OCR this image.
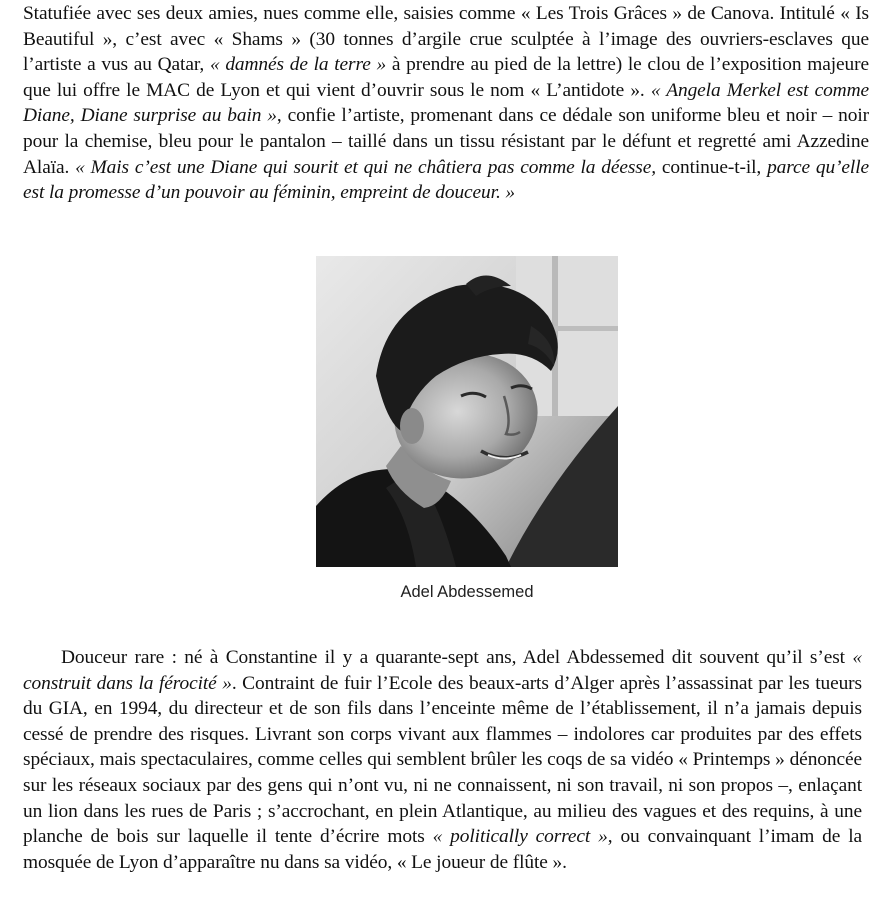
Statufiée avec ses deux amies, nues comme elle, saisies comme « Les Trois Grâces » de Canova. Intitulé « Is Beautiful », c’est avec « Shams » (30 tonnes d’argile crue sculptée à l’image des ouvriers-esclaves que l’artiste a vus au Qatar, « damnés de la terre » à prendre au pied de la lettre) le clou de l’exposition majeure que lui offre le MAC de Lyon et qui vient d’ouvrir sous le nom « L’antidote ». « Angela Merkel est comme Diane, Diane surprise au bain », confie l’artiste, promenant dans ce dédale son uniforme bleu et noir – noir pour la chemise, bleu pour le pantalon – taillé dans un tissu résistant par le défunt et regretté ami Azzedine Alaïa. « Mais c’est une Diane qui sourit et qui ne châtiera pas comme la déesse, continue-t-il, parce qu’elle est la promesse d’un pouvoir au féminin, empreint de douceur. »

Adel Abdessemed

Douceur rare : né à Constantine il y a quarante-sept ans, Adel Abdessemed dit souvent qu’il s’est « construit dans la férocité ». Contraint de fuir l’Ecole des beaux-arts d’Alger après l’assassinat par les tueurs du GIA, en 1994, du directeur et de son fils dans l’enceinte même de l’établissement, il n’a jamais depuis cessé de prendre des risques. Livrant son corps vivant aux flammes – indolores car produites par des effets spéciaux, mais spectaculaires, comme celles qui semblent brûler les coqs de sa vidéo « Printemps » dénoncée sur les réseaux sociaux par des gens qui n’ont vu, ni ne connaissent, ni son travail, ni son propos –, enlaçant un lion dans les rues de Paris ; s’accrochant, en plein Atlantique, au milieu des vagues et des requins, à une planche de bois sur laquelle il tente d’écrire mots « politically correct », ou convainquant l’imam de la mosquée de Lyon d’apparaître nu dans sa vidéo, « Le joueur de flûte ».
